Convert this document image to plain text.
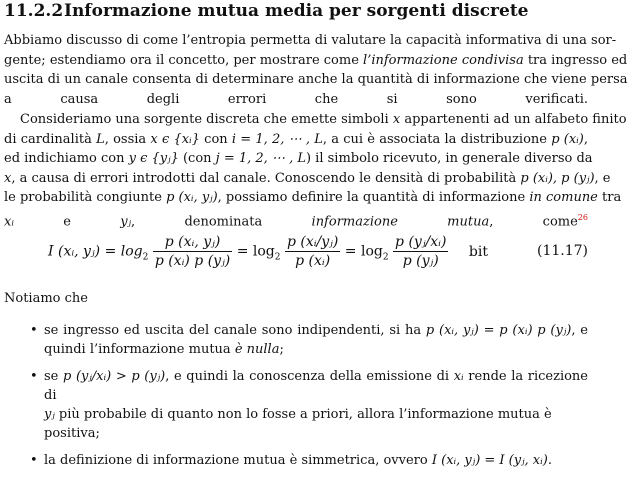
11.2.2Informazione mutua media per sorgenti discrete
Abbiamo discusso di come l’entropia permetta di valutare la capacità informativa di una sor-
gente; estendiamo ora il concetto, per mostrare come l’informazione condivisa tra ingresso ed
uscita di un canale consenta di determinare anche la quantità di informazione che viene persa
a causa degli errori che si sono verificati.
Consideriamo una sorgente discreta che emette simboli x appartenenti ad un alfabeto finito
di cardinalità L, ossia x ϵ {xᵢ} con i = 1, 2, ⋯ , L, a cui è associata la distribuzione p (xᵢ),
ed indichiamo con y ϵ {yⱼ} (con j = 1, 2, ⋯ , L) il simbolo ricevuto, in generale diverso da
x, a causa di errori introdotti dal canale. Conoscendo le densità di probabilità p (xᵢ), p (yⱼ), e
le probabilità congiunte p (xᵢ, yⱼ), possiamo definire la quantità di informazione in comune tra
xᵢ e yⱼ, denominata informazione mutua, come$^{26}$
I (xᵢ, yⱼ) = $\log_2 \frac{\text{p (xᵢ, yⱼ)}}{\text{p (xᵢ) p (yⱼ)}} = \log_2 \frac{\text{p (xᵢ/yⱼ)}}{\text{p (xᵢ)}} = \log_2 \frac{\text{p (yⱼ/xᵢ)}}{\text{p (yⱼ)}}$ bit	(11.17)
Notiamo che
• se ingresso ed uscita del canale sono indipendenti, si ha p (xᵢ, yⱼ) = p (xᵢ) p (yⱼ), e
quindi l’informazione mutua è nulla;
• se p (yⱼ/xᵢ) > p (yⱼ), e quindi la conoscenza della emissione di xᵢ rende la ricezione di
yⱼ più probabile di quanto non lo fosse a priori, allora l’informazione mutua è positiva;
• la definizione di informazione mutua è simmetrica, ovvero I (xᵢ, yⱼ) = I (yⱼ, xᵢ).
